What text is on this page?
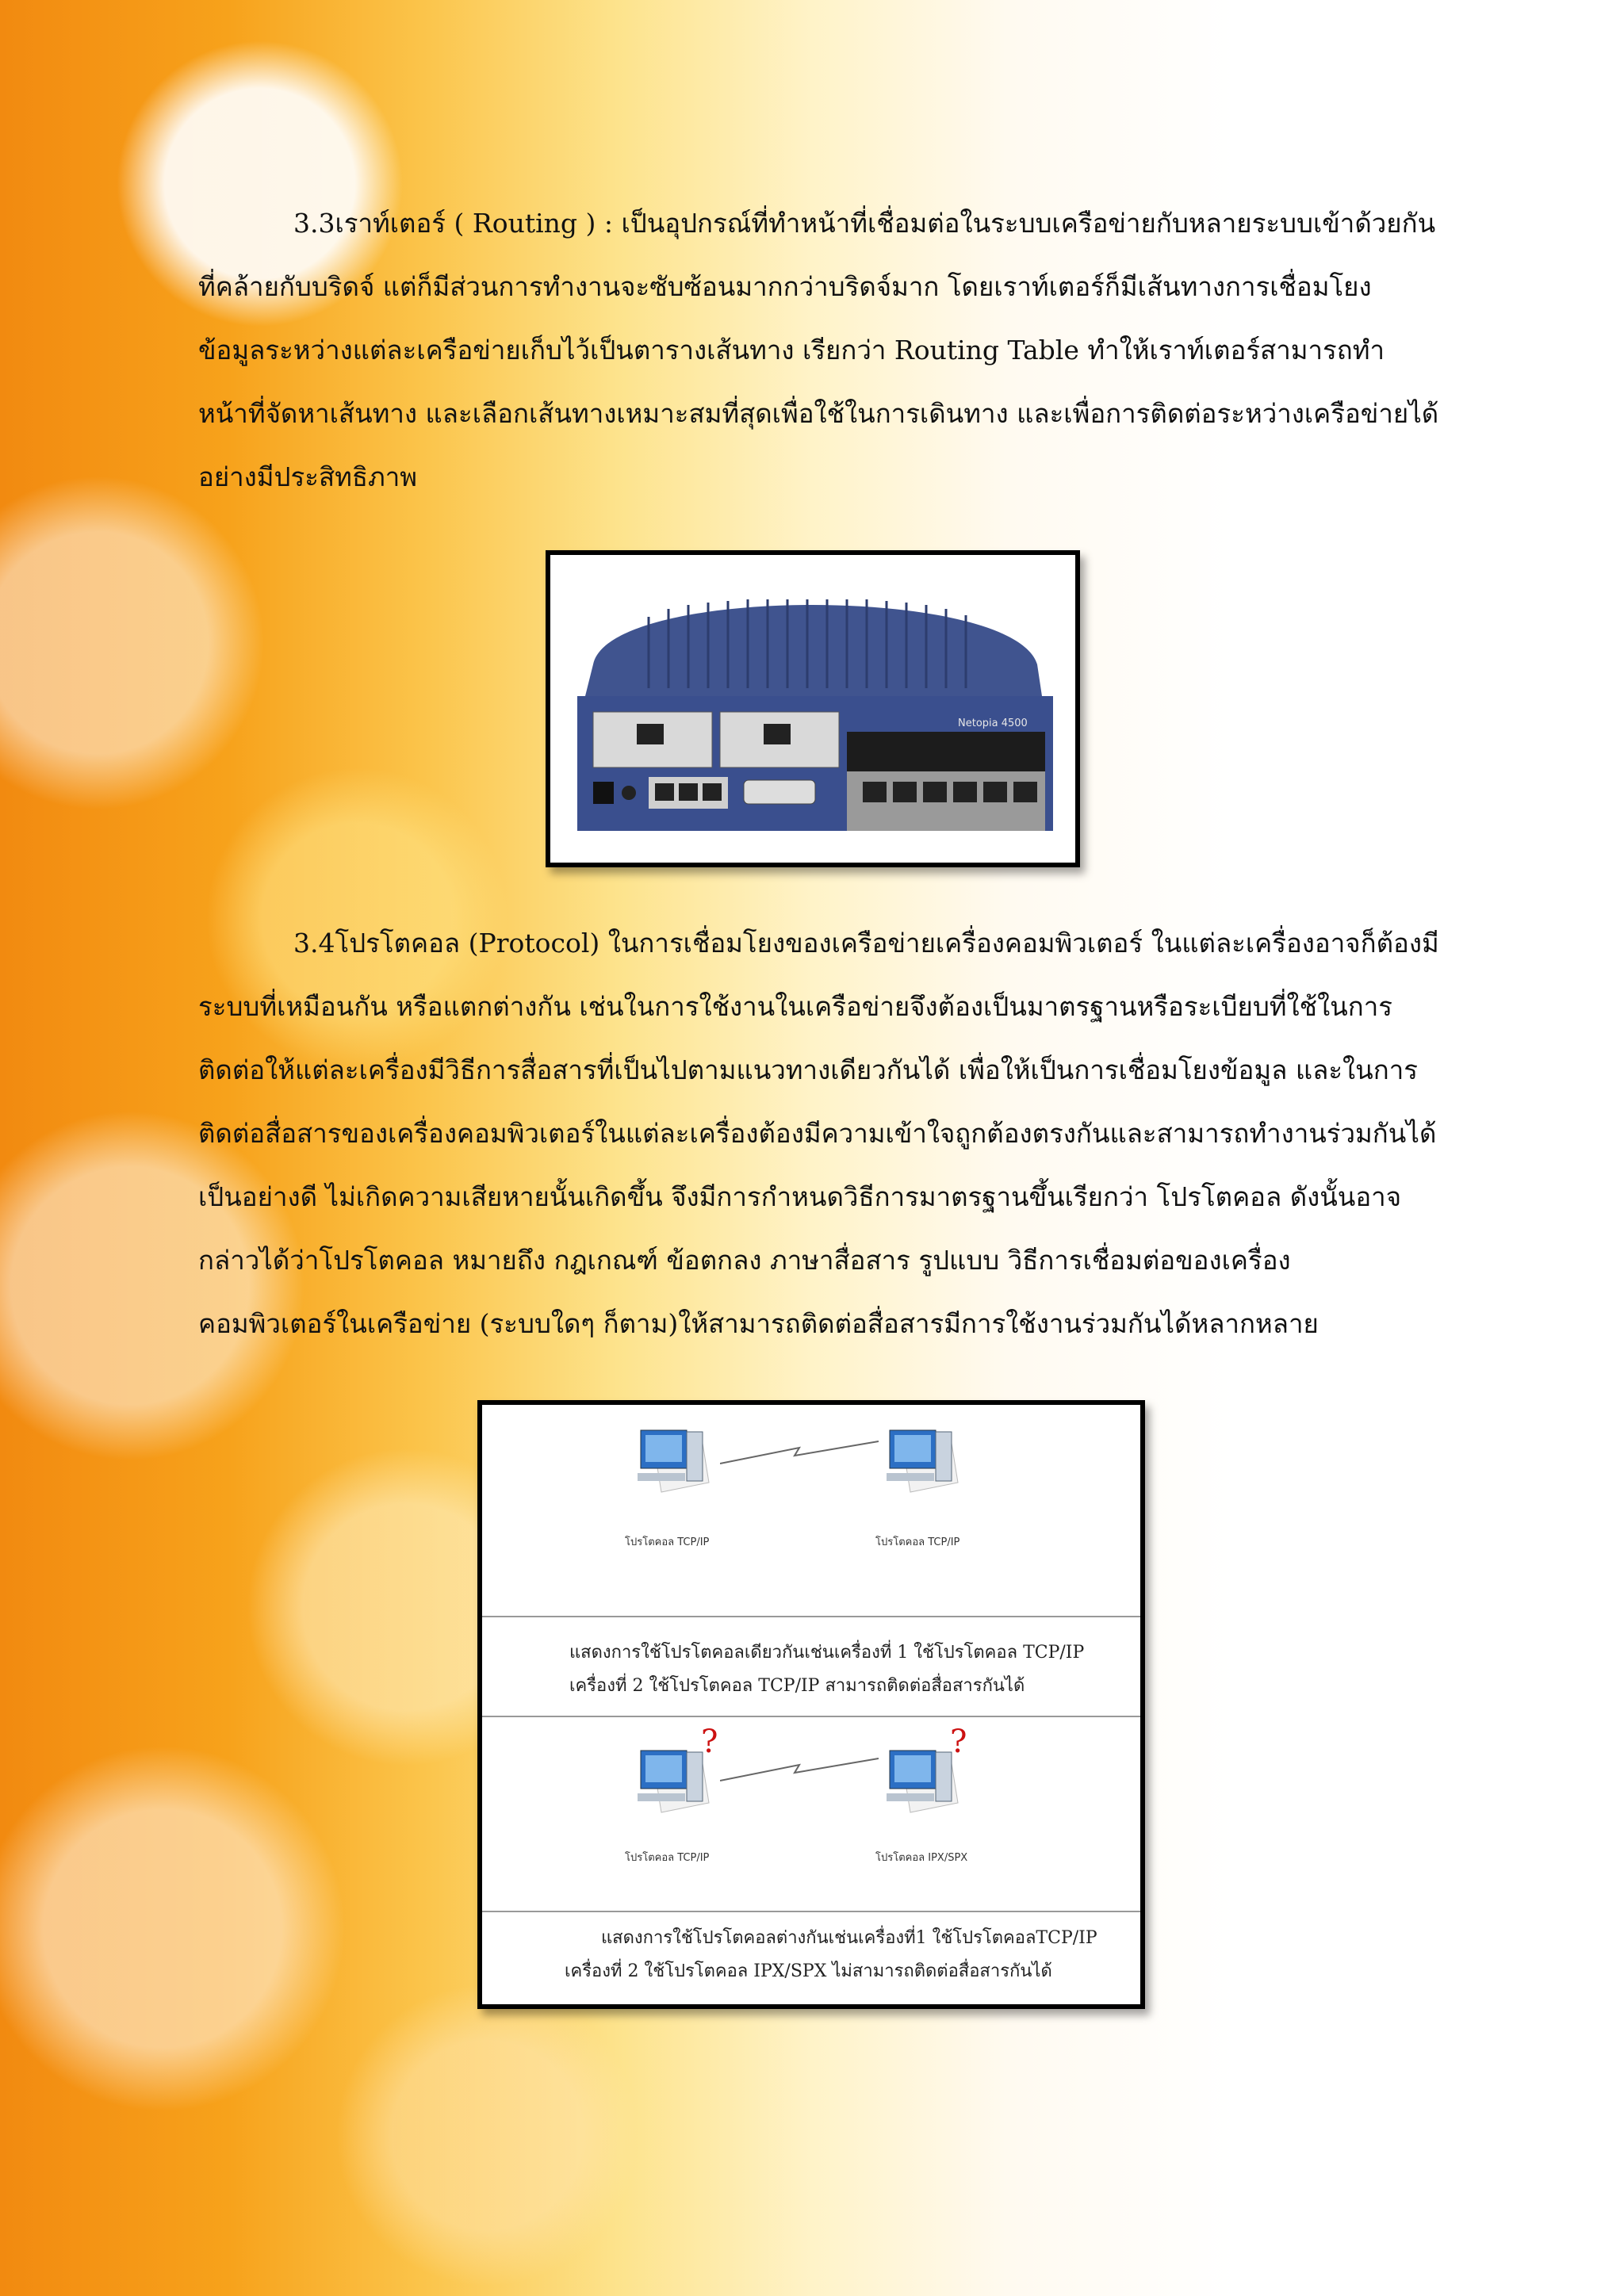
3.3เราท์เตอร์ ( Routing ) : เป็นอุปกรณ์ที่ทำหน้าที่เชื่อมต่อในระบบเครือข่ายกับหลายระบบเข้าด้วยกัน
ที่คล้ายกับบริดจ์ แต่ก็มีส่วนการทำงานจะซับซ้อนมากกว่าบริดจ์มาก โดยเราท์เตอร์ก็มีเส้นทางการเชื่อมโยง
ข้อมูลระหว่างแต่ละเครือข่ายเก็บไว้เป็นตารางเส้นทาง เรียกว่า Routing Table ทำให้เราท์เตอร์สามารถทำ
หน้าที่จัดหาเส้นทาง และเลือกเส้นทางเหมาะสมที่สุดเพื่อใช้ในการเดินทาง และเพื่อการติดต่อระหว่างเครือข่ายได้
อย่างมีประสิทธิภาพ

Netopia 4500

3.4โปรโตคอล (Protocol) ในการเชื่อมโยงของเครือข่ายเครื่องคอมพิวเตอร์ ในแต่ละเครื่องอาจก็ต้องมี
ระบบที่เหมือนกัน หรือแตกต่างกัน เช่นในการใช้งานในเครือข่ายจึงต้องเป็นมาตรฐานหรือระเบียบที่ใช้ในการ
ติดต่อให้แต่ละเครื่องมีวิธีการสื่อสารที่เป็นไปตามแนวทางเดียวกันได้ เพื่อให้เป็นการเชื่อมโยงข้อมูล และในการ
ติดต่อสื่อสารของเครื่องคอมพิวเตอร์ในแต่ละเครื่องต้องมีความเข้าใจถูกต้องตรงกันและสามารถทำงานร่วมกันได้
เป็นอย่างดี ไม่เกิดความเสียหายนั้นเกิดขึ้น จึงมีการกำหนดวิธีการมาตรฐานขึ้นเรียกว่า โปรโตคอล ดังนั้นอาจ
กล่าวได้ว่าโปรโตคอล หมายถึง กฎเกณฑ์ ข้อตกลง ภาษาสื่อสาร รูปแบบ วิธีการเชื่อมต่อของเครื่อง
คอมพิวเตอร์ในเครือข่าย (ระบบใดๆ ก็ตาม)ให้สามารถติดต่อสื่อสารมีการใช้งานร่วมกันได้หลากหลาย

โปรโตคอล TCP/IP	โปรโตคอล TCP/IP
แสดงการใช้โปรโตคอลเดียวกันเช่นเครื่องที่ 1 ใช้โปรโตคอล TCP/IP
เครื่องที่ 2 ใช้โปรโตคอล TCP/IP สามารถติดต่อสื่อสารกันได้
?	?
โปรโตคอล TCP/IP	โปรโตคอล IPX/SPX
แสดงการใช้โปรโตคอลต่างกันเช่นเครื่องที่1 ใช้โปรโตคอลTCP/IP
เครื่องที่ 2 ใช้โปรโตคอล IPX/SPX ไม่สามารถติดต่อสื่อสารกันได้
